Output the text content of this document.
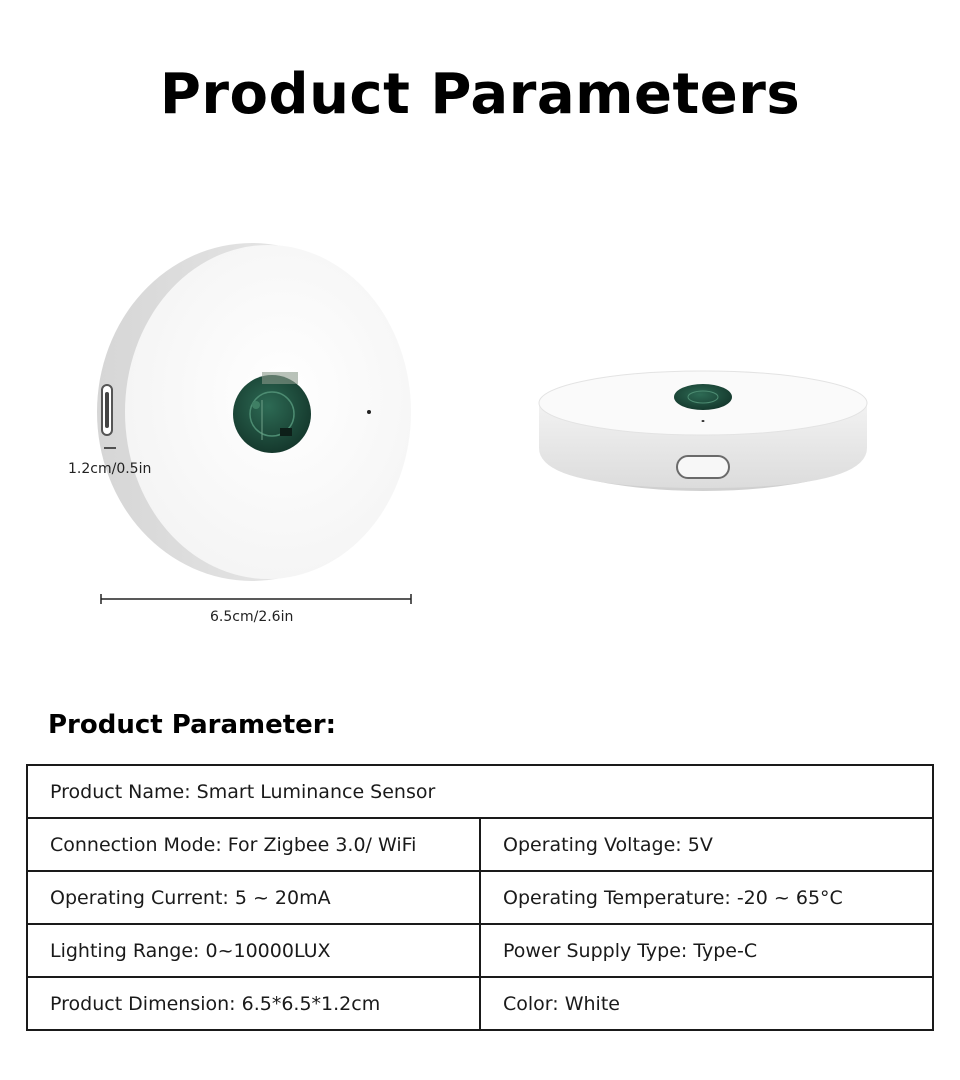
Product Parameters
1.2cm/0.5in
6.5cm/2.6in
Product Parameter:
Product Name: Smart Luminance Sensor	
Connection Mode: For Zigbee 3.0/ WiFi	Operating Voltage: 5V
Operating Current: 5 ~ 20mA	Operating Temperature: -20 ~ 65°C
Lighting Range: 0~10000LUX	Power Supply Type: Type-C
Product Dimension: 6.5*6.5*1.2cm	Color: White
